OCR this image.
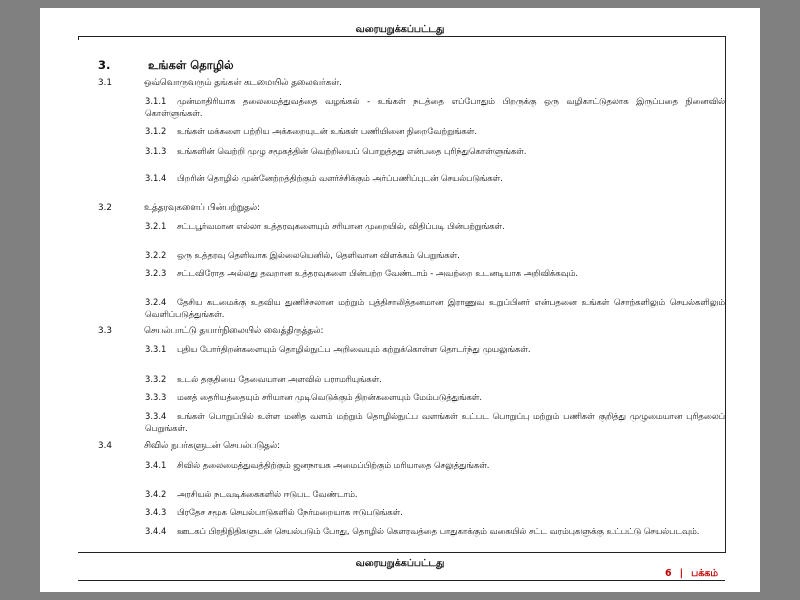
வரையறுக்கப்பட்டது
3.	உங்கள் தொழில்
3.1	ஒவ்வொருவரும் தங்கள் கடமையில் தலைவர்கள்.
3.1.1 முன்மாதிரியாக தலைமைத்துவத்தை வழங்கல் - உங்கள் நடத்தை எப்போதும் பிறருக்கு ஒரு வழிகாட்டுதலாக இருப்பதை நினைவில் கொள்ளுங்கள்.
3.1.2 உங்கள் மக்களை பற்றிய அக்கறையுடன் உங்கள் பணியினை நிறைவேற்றுங்கள்.
3.1.3 உங்களின் வெற்றி முழு சமூகத்தின் வெற்றியைப் பொறுத்தது என்பதை புரிந்துகொள்ளுங்கள்.
3.1.4 பிறரின் தொழில் முன்னேற்றத்திற்கும் வளர்ச்சிக்கும் அர்ப்பணிப்புடன் செயல்படுங்கள்.
3.2	உத்தரவுகளைப் பின்பற்றுதல்:
3.2.1 சட்டபூர்வமான எல்லா உத்தரவுகளையும் சரியான முறையில், விதிப்படி பின்பற்றுங்கள்.
3.2.2 ஒரு உத்தரவு தெளிவாக இல்லையெனில், தெளிவான விளக்கம் பெறுங்கள்.
3.2.3 சட்டவிரோத அல்லது தவறான உத்தரவுகளை பின்பற்ற வேண்டாம் - அவற்றை உடனடியாக அறிவிக்கவும்.
3.2.4 தேசிய கடமைக்கு உதவிய துணிச்சலான மற்றும் புத்திசாலித்தனமான இராணுவ உறுப்பினர் என்பதனை உங்கள் சொற்களிலும் செயல்களிலும் வெளிப்படுத்துங்கள்.
3.3	செயல்பாட்டு தயார்நிலையில் வைத்திருத்தல்:
3.3.1 புதிய போர்திறன்களையும் தொழில்நுட்ப அறிவையும் கற்றுக்கொள்ள தொடர்ந்து முயலுங்கள்.
3.3.2 உடல் தகுதியை தேவையான அளவில் பராமரியுங்கள்.
3.3.3 மனத் தைரியத்தையும் சரியான முடிவெடுக்கும் திறன்களையும் மேம்படுத்துங்கள்.
3.3.4 உங்கள் பொறுப்பில் உள்ள மனித வளம் மற்றும் தொழில்நுட்ப வளங்கள் உட்பட பொறுப்பு மற்றும் பணிகள் குறித்து முழுமையான புரிதலைப் பெறுங்கள்.
3.4	சிவில் நபர்களுடன் செயல்படுதல்:
3.4.1 சிவில் தலைமைத்துவத்திற்கும் ஜனநாயக அமைப்பிற்கும் மரியாதை செலுத்துங்கள்.
3.4.2 அரசியல் நடவடிக்கைகளில் ஈடுபட வேண்டாம்.
3.4.3 பிரதேச சமூக செயல்பாடுகளில் நேர்மறையாக ஈடுபடுங்கள்.
3.4.4 ஊடகப் பிரதிநிதிகளுடன் செயல்படும் போது, தொழில் கௌரவத்தை பாதுகாக்கும் வகையில் சட்ட வரம்புகளுக்கு உட்பட்டு செயல்படவும்.
வரையறுக்கப்பட்டது
6 | பக்கம்
